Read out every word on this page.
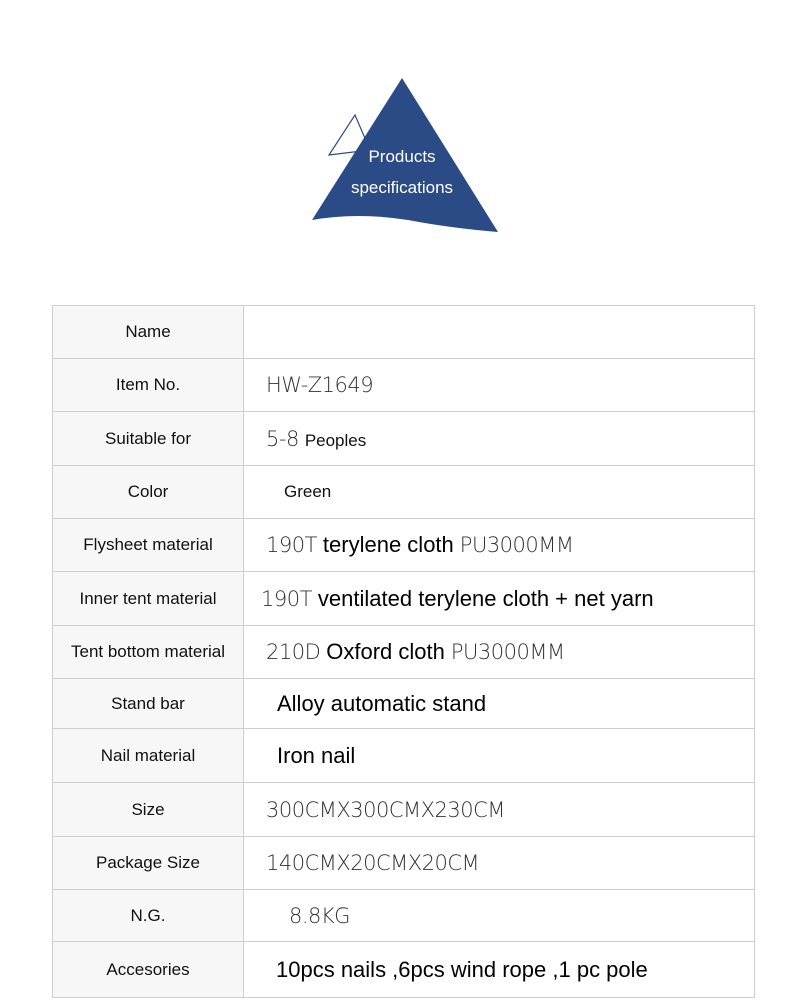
Products
specifications
Name	
Item No.	HW-Z1649
Suitable for	5-8 Peoples
Color	Green
Flysheet material	190T terylene cloth PU3000MM
Inner tent material	190T ventilated terylene cloth + net yarn
Tent bottom material	210D Oxford cloth PU3000MM
Stand bar	Alloy automatic stand
Nail material	Iron nail
Size	300CMX300CMX230CM
Package Size	140CMX20CMX20CM
N.G.	8.8KG
Accesories	10pcs nails ,6pcs wind rope ,1 pc pole
